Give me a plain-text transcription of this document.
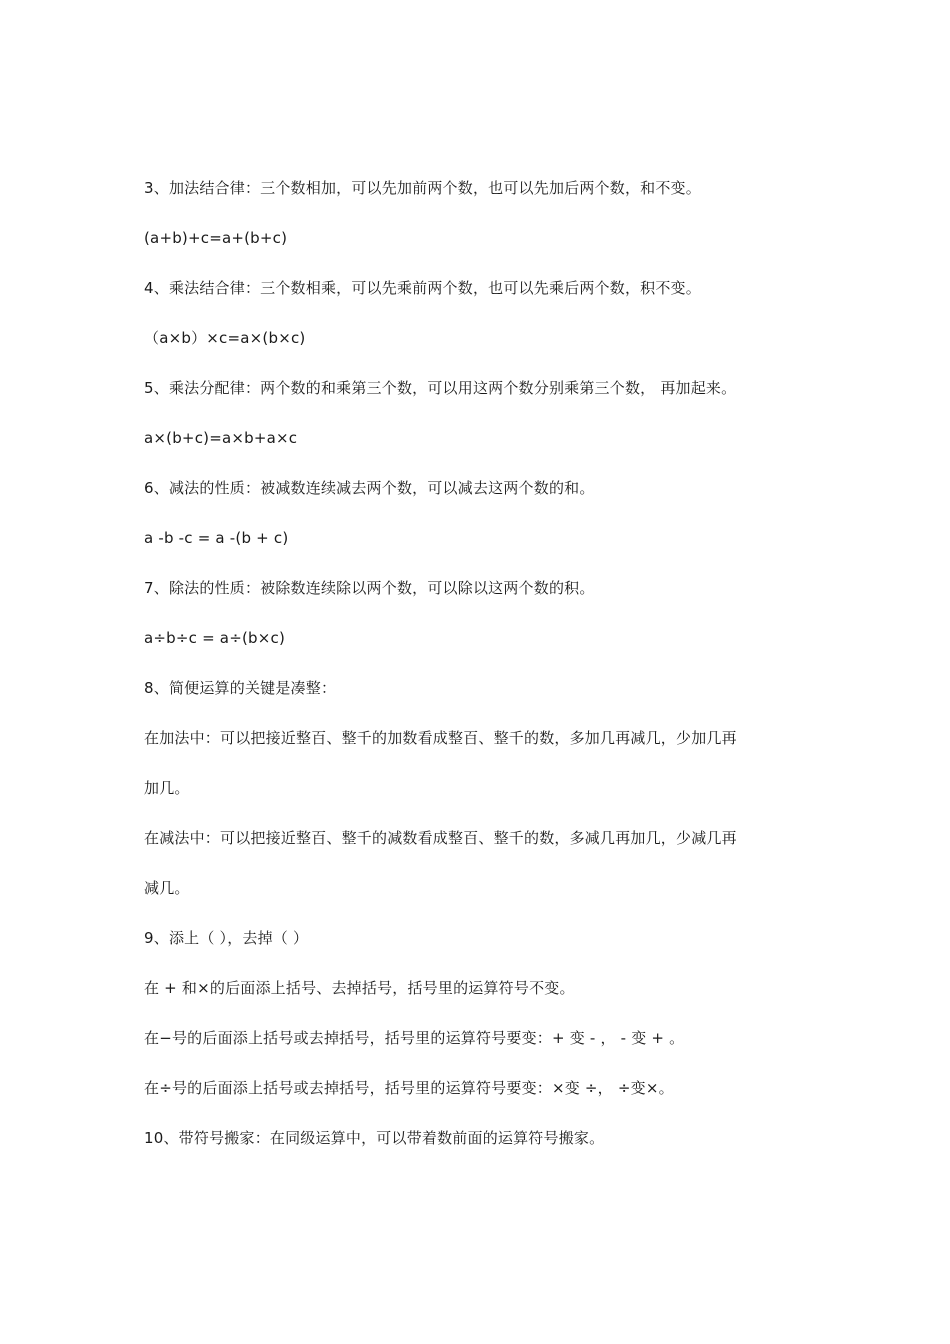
3、加法结合律：三个数相加，可以先加前两个数，也可以先加后两个数，和不变。
(a+b)+c=a+(b+c)
4、乘法结合律：三个数相乘，可以先乘前两个数，也可以先乘后两个数，积不变。
（a×b）×c=a×(b×c)
5、乘法分配律：两个数的和乘第三个数，可以用这两个数分别乘第三个数， 再加起来。
a×(b+c)=a×b+a×c
6、减法的性质：被减数连续减去两个数，可以减去这两个数的和。
a -b -c = a -(b + c)
7、除法的性质：被除数连续除以两个数，可以除以这两个数的积。
a÷b÷c = a÷(b×c)
8、简便运算的关键是凑整：
在加法中：可以把接近整百、整千的加数看成整百、整千的数，多加几再减几，少加几再
加几。
在减法中：可以把接近整百、整千的减数看成整百、整千的数，多减几再加几，少减几再
减几。
9、添上（ ），去掉（ ）
在 + 和×的后面添上括号、去掉括号，括号里的运算符号不变。
在−号的后面添上括号或去掉括号，括号里的运算符号要变：+ 变 - ， - 变 + 。
在÷号的后面添上括号或去掉括号，括号里的运算符号要变：×变 ÷， ÷变×。
10、带符号搬家：在同级运算中，可以带着数前面的运算符号搬家。
